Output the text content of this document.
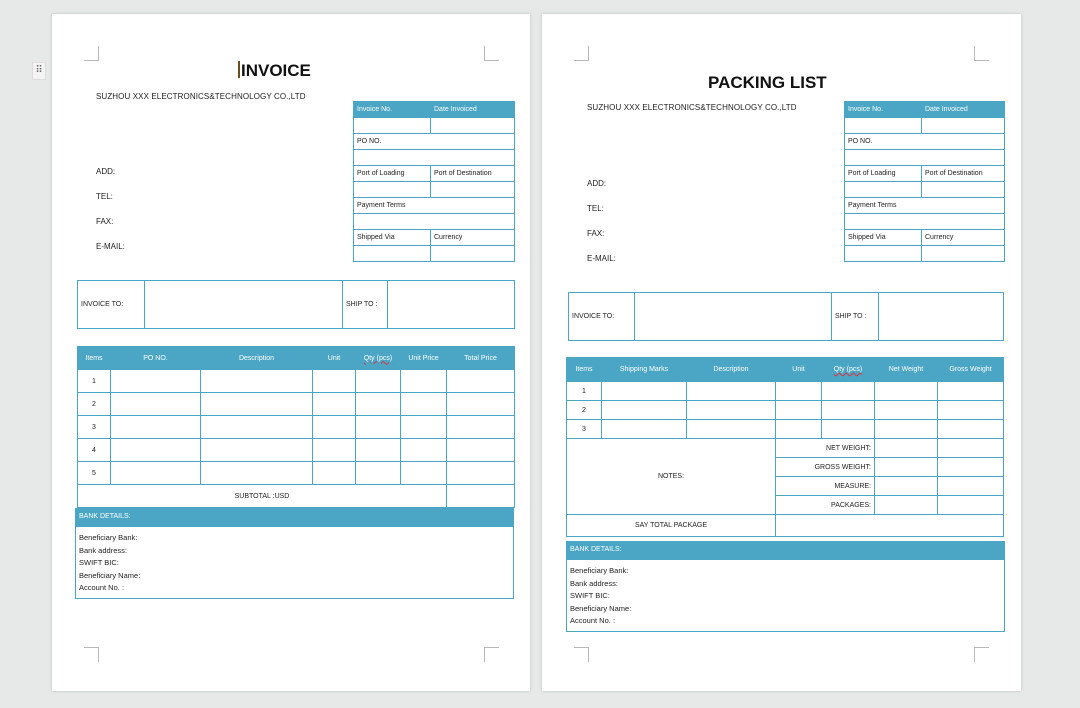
⠿	INVOICE
SUZHOU XXX ELECTRONICS&TECHNOLOGY CO.,LTD
ADD:
TEL:
FAX:
E-MAIL:
Invoice No.	Date Invoiced

PO NO.	

Port of Loading	Port of Destination

Payment Terms	

Shipped Via	Currency

INVOICE TO:		SHIP TO :	
Items	PO NO.	Description	Unit	Qty (pcs)	Unit Price	Total Price
1						
2						
3						
4						
5						
SUBTOTAL :USD						
BANK DETAILS:
Beneficiary Bank:
Bank address:
SWIFT BIC:
Beneficiary Name:
Account No. :
PACKING LIST
SUZHOU XXX ELECTRONICS&TECHNOLOGY CO.,LTD
ADD:
TEL:
FAX:
E-MAIL:
Invoice No.	Date Invoiced

PO NO.	

Port of Loading	Port of Destination

Payment Terms	

Shipped Via	Currency

INVOICE TO:		SHIP TO :	
Items	Shipping Marks	Description	Unit	Qty (pcs)	Net Weight	Gross Weight
1						
2						
3						
NOTES:			NET WEIGHT:			
			GROSS WEIGHT:			
			MEASURE:			
			PACKAGES:			
SAY TOTAL PACKAGE						
BANK DETAILS:
Beneficiary Bank:
Bank address:
SWIFT BIC:
Beneficiary Name:
Account No. :
